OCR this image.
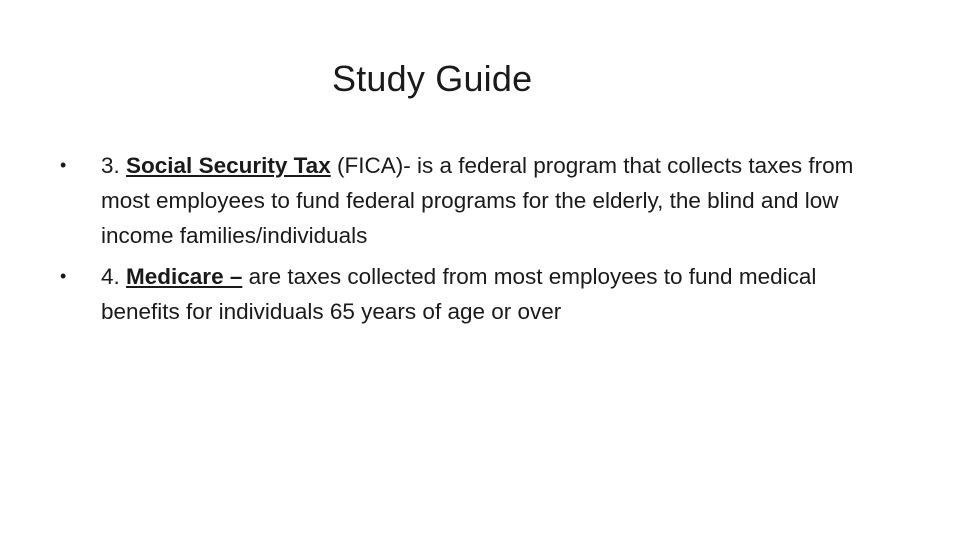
Study Guide
•	3. Social Security Tax (FICA)- is a federal program that collects taxes from most employees to fund federal programs for the elderly, the blind and low income families/individuals
•	4. Medicare – are taxes collected from most employees to fund medical benefits for individuals 65 years of age or over
